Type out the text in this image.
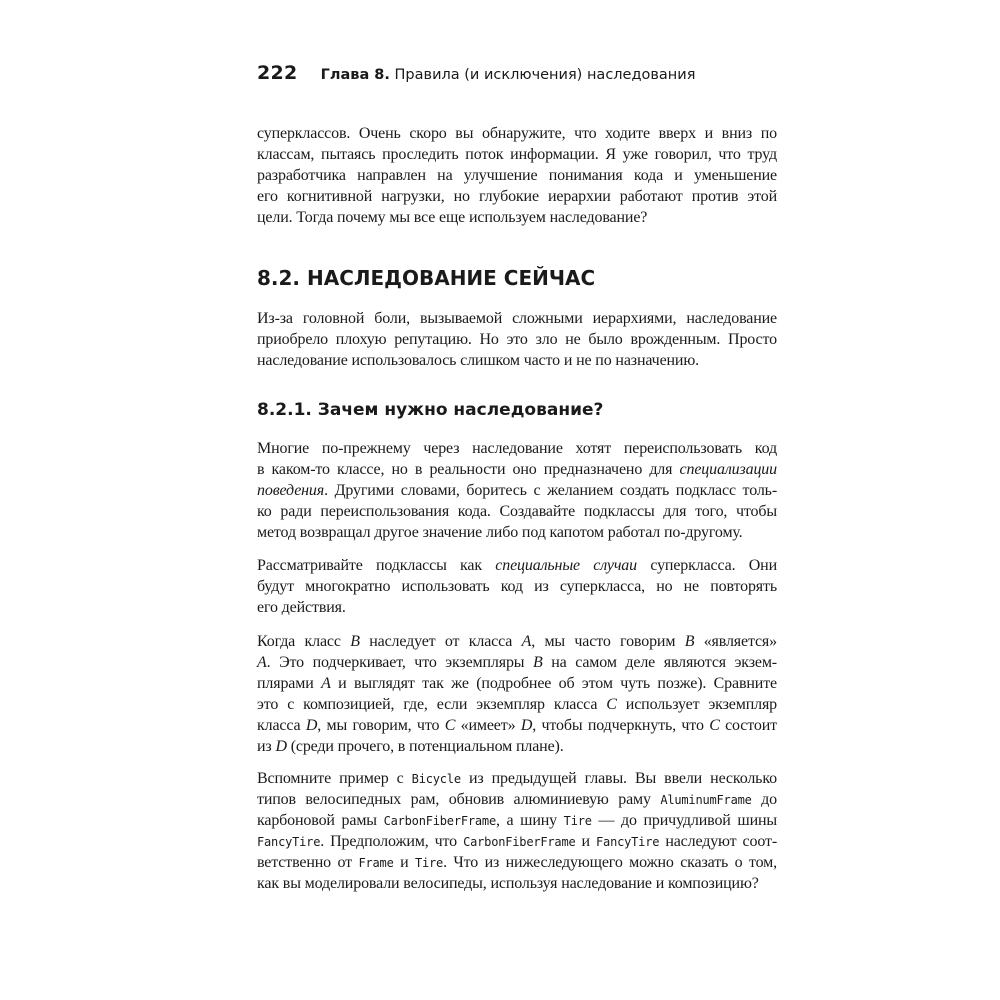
222 Глава 8. Правила (и исключения) наследования
суперклассов. Очень скоро вы обнаружите, что ходите вверх и вниз по
классам, пытаясь проследить поток информации. Я уже говорил, что труд
разработчика направлен на улучшение понимания кода и уменьшение
его когнитивной нагрузки, но глубокие иерархии работают против этой
цели. Тогда почему мы все еще используем наследование?
8.2. НАСЛЕДОВАНИЕ СЕЙЧАС
Из-за головной боли, вызываемой сложными иерархиями, наследование
приобрело плохую репутацию. Но это зло не было врожденным. Просто
наследование использовалось слишком часто и не по назначению.
8.2.1. Зачем нужно наследование?
Многие по-прежнему через наследование хотят переиспользовать код
в каком-то классе, но в реальности оно предназначено для специализации
поведения. Другими словами, боритесь с желанием создать подкласс толь-
ко ради переиспользования кода. Создавайте подклассы для того, чтобы
метод возвращал другое значение либо под капотом работал по-другому.
Рассматривайте подклассы как специальные случаи суперкласса. Они
будут многократно использовать код из суперкласса, но не повторять
его действия.
Когда класс B наследует от класса A, мы часто говорим B «является»
A. Это подчеркивает, что экземпляры B на самом деле являются экзем-
плярами A и выглядят так же (подробнее об этом чуть позже). Сравните
это с композицией, где, если экземпляр класса C использует экземпляр
класса D, мы говорим, что C «имеет» D, чтобы подчеркнуть, что C состоит
из D (среди прочего, в потенциальном плане).
Вспомните пример с Bicycle из предыдущей главы. Вы ввели несколько
типов велосипедных рам, обновив алюминиевую раму AluminumFrame до
карбоновой рамы CarbonFiberFrame, а шину Tire — до причудливой шины
FancyTire. Предположим, что CarbonFiberFrame и FancyTire наследуют соот-
ветственно от Frame и Tire. Что из нижеследующего можно сказать о том,
как вы моделировали велосипеды, используя наследование и композицию?
